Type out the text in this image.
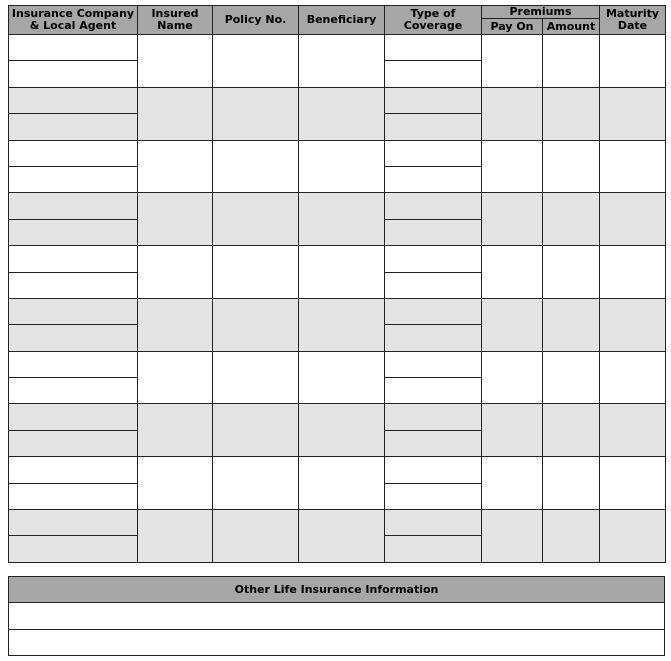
Insurance Company & Local Agent	Insured Name	Policy No.	Beneficiary	Type of Coverage	Premiums		Maturity Date
					Pay On	Amount	

Other Life Insurance Information
